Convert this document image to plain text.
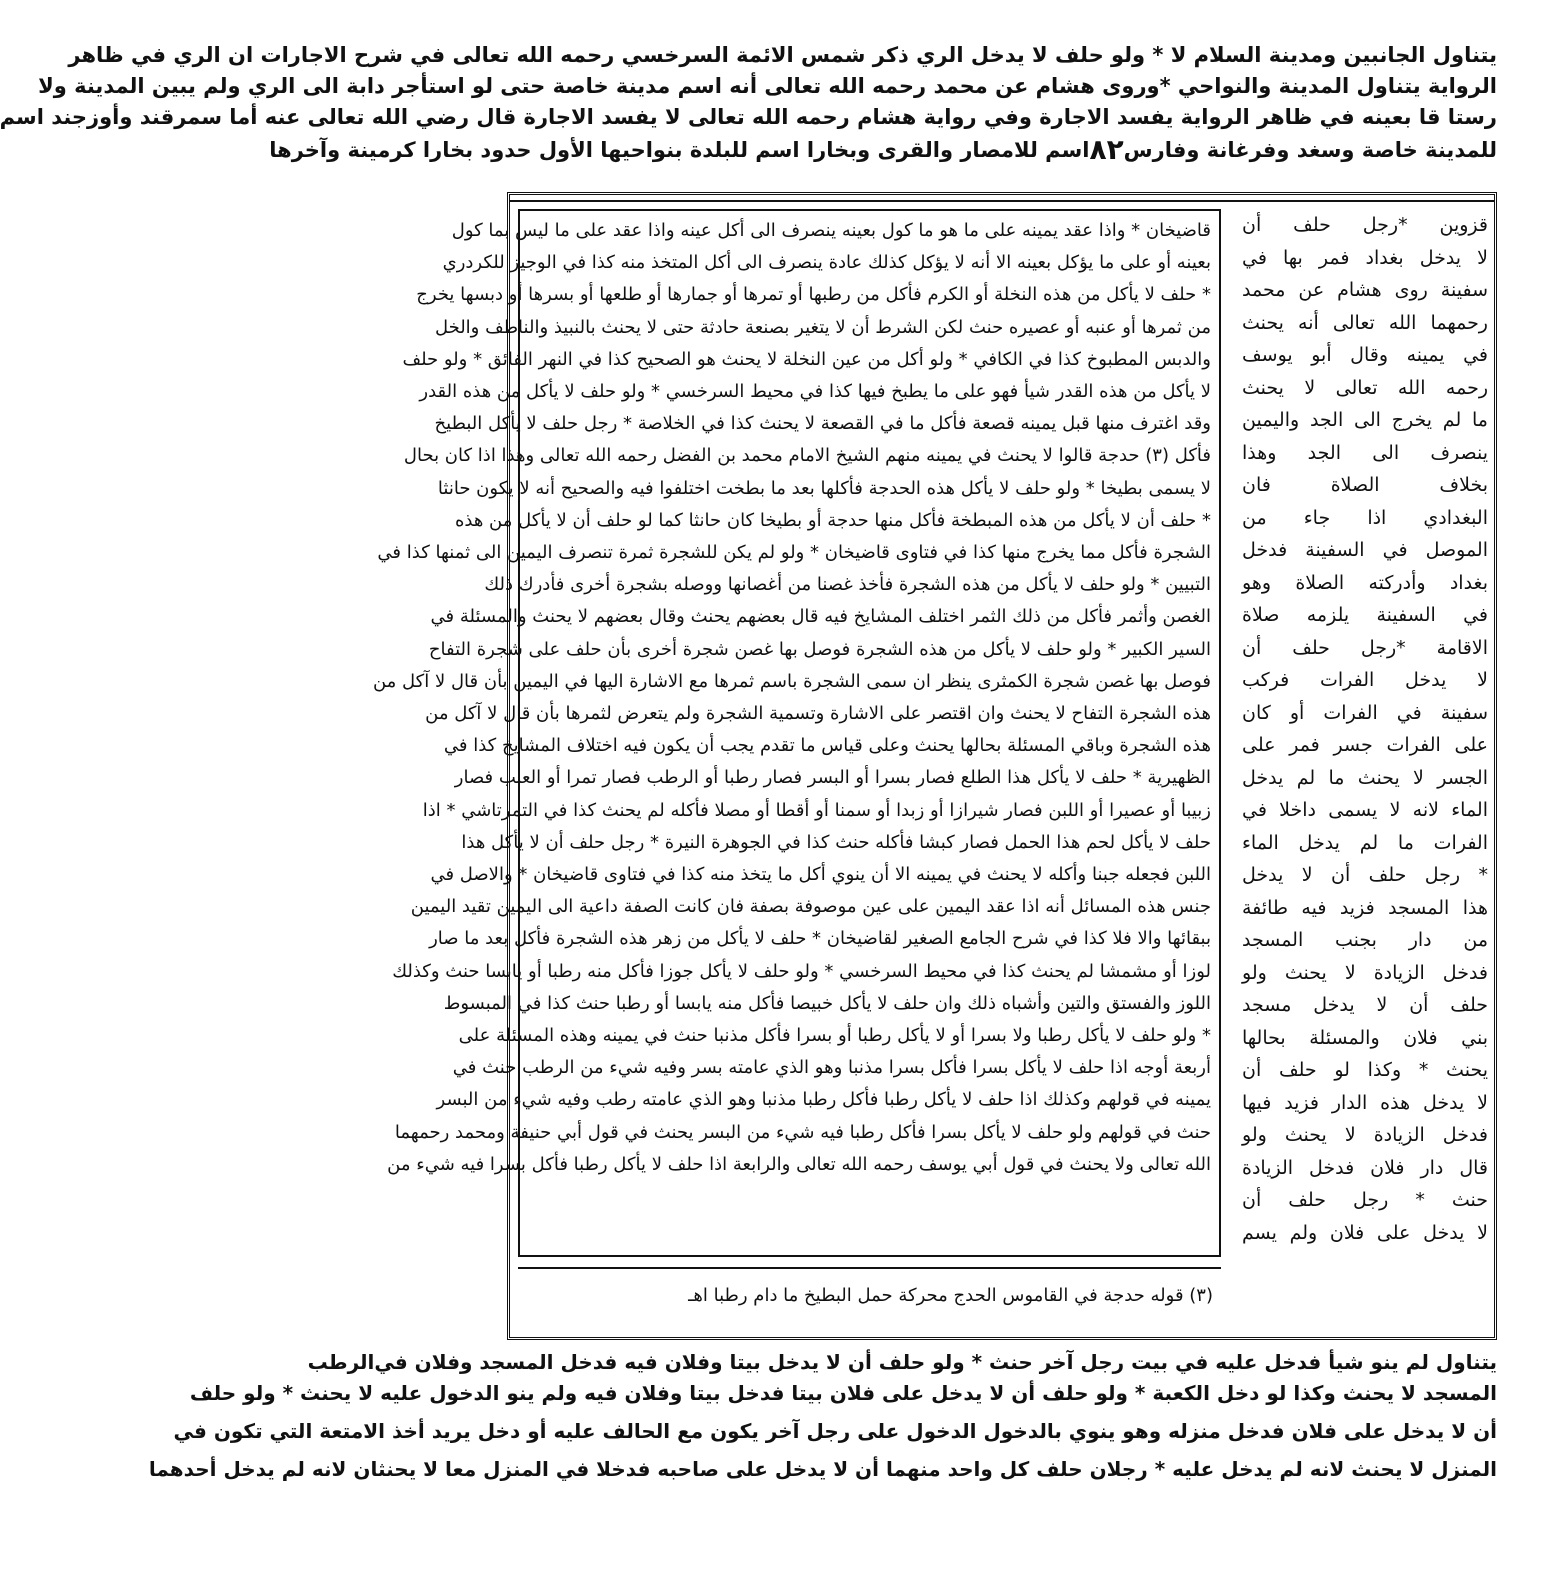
يتناول الجانبين ومدينة السلام لا * ولو حلف لا يدخل الري ذكر شمس الائمة السرخسي رحمه الله تعالى في شرح الاجارات ان الري في ظاهر

الرواية يتناول المدينة والنواحي *وروى هشام عن محمد رحمه الله تعالى أنه اسم مدينة خاصة حتى لو استأجر دابة الى الري ولم يبين المدينة ولا

رستا قا بعينه في ظاهر الرواية يفسد الاجارة وفي رواية هشام رحمه الله تعالى لا يفسد الاجارة قال رضي الله تعالى عنه أما سمرقند وأوزجند اسم

للمدينة خاصة وسغد وفرغانة وفارس
٨٢
اسم للامصار والقرى وبخارا اسم للبلدة بنواحيها الأول حدود بخارا كرمينة وآخرها

قزوين *رجل حلف أن

لا يدخل بغداد فمر بها في

سفينة روى هشام عن محمد

رحمهما الله تعالى أنه يحنث

في يمينه وقال أبو يوسف

رحمه الله تعالى لا يحنث

ما لم يخرج الى الجد واليمين

ينصرف الى الجد وهذا

بخلاف الصلاة فان

البغدادي اذا جاء من

الموصل في السفينة فدخل

بغداد وأدركته الصلاة وهو

في السفينة يلزمه صلاة

الاقامة *رجل حلف أن

لا يدخل الفرات فركب

سفينة في الفرات أو كان

على الفرات جسر فمر على

الجسر لا يحنث ما لم يدخل

الماء لانه لا يسمى داخلا في

الفرات ما لم يدخل الماء

* رجل حلف أن لا يدخل

هذا المسجد فزيد فيه طائفة

من دار بجنب المسجد

فدخل الزيادة لا يحنث ولو

حلف أن لا يدخل مسجد

بني فلان والمسئلة بحالها

يحنث * وكذا لو حلف أن

لا يدخل هذه الدار فزيد فيها

فدخل الزيادة لا يحنث ولو

قال دار فلان فدخل الزيادة

حنث * رجل حلف أن

لا يدخل على فلان ولم يسم

قاضيخان * واذا عقد يمينه على ما هو ما كول بعينه ينصرف الى أكل عينه واذا عقد على ما ليس بما كول

بعينه أو على ما يؤكل بعينه الا أنه لا يؤكل كذلك عادة ينصرف الى أكل المتخذ منه كذا في الوجيز للكردري

* حلف لا يأكل من هذه النخلة أو الكرم فأكل من رطبها أو تمرها أو جمارها أو طلعها أو بسرها أو دبسها يخرج

من ثمرها أو عنبه أو عصيره حنث لكن الشرط أن لا يتغير بصنعة حادثة حتى لا يحنث بالنبيذ والناطف والخل

والدبس المطبوخ كذا في الكافي * ولو أكل من عين النخلة لا يحنث هو الصحيح كذا في النهر الفائق * ولو حلف

لا يأكل من هذه القدر شيأ فهو على ما يطبخ فيها كذا في محيط السرخسي * ولو حلف لا يأكل من هذه القدر

وقد اغترف منها قبل يمينه قصعة فأكل ما في القصعة لا يحنث كذا في الخلاصة * رجل حلف لا يأكل البطيخ

فأكل (٣) حدجة قالوا لا يحنث في يمينه منهم الشيخ الامام محمد بن الفضل رحمه الله تعالى وهذا اذا كان بحال

لا يسمى بطيخا * ولو حلف لا يأكل هذه الحدجة فأكلها بعد ما بطخت اختلفوا فيه والصحيح أنه لا يكون حانثا

* حلف أن لا يأكل من هذه المبطخة فأكل منها حدجة أو بطيخا كان حانثا كما لو حلف أن لا يأكل من هذه

الشجرة فأكل مما يخرج منها كذا في فتاوى قاضيخان * ولو لم يكن للشجرة ثمرة تنصرف اليمين الى ثمنها كذا في

التبيين * ولو حلف لا يأكل من هذه الشجرة فأخذ غصنا من أغصانها ووصله بشجرة أخرى فأدرك ذلك

الغصن وأثمر فأكل من ذلك الثمر اختلف المشايخ فيه قال بعضهم يحنث وقال بعضهم لا يحنث والمسئلة في

السير الكبير * ولو حلف لا يأكل من هذه الشجرة فوصل بها غصن شجرة أخرى بأن حلف على شجرة التفاح

فوصل بها غصن شجرة الكمثرى ينظر ان سمى الشجرة باسم ثمرها مع الاشارة اليها في اليمين بأن قال لا آكل من

هذه الشجرة التفاح لا يحنث وان اقتصر على الاشارة وتسمية الشجرة ولم يتعرض لثمرها بأن قال لا آكل من

هذه الشجرة وباقي المسئلة بحالها يحنث وعلى قياس ما تقدم يجب أن يكون فيه اختلاف المشايخ كذا في

الظهيرية * حلف لا يأكل هذا الطلع فصار بسرا أو البسر فصار رطبا أو الرطب فصار تمرا أو العنب فصار

زبيبا أو عصيرا أو اللبن فصار شيرازا أو زبدا أو سمنا أو أقطا أو مصلا فأكله لم يحنث كذا في التمرتاشي * اذا

حلف لا يأكل لحم هذا الحمل فصار كبشا فأكله حنث كذا في الجوهرة النيرة * رجل حلف أن لا يأكل هذا

اللبن فجعله جبنا وأكله لا يحنث في يمينه الا أن ينوي أكل ما يتخذ منه كذا في فتاوى قاضيخان * والاصل في

جنس هذه المسائل أنه اذا عقد اليمين على عين موصوفة بصفة فان كانت الصفة داعية الى اليمين تقيد اليمين

ببقائها والا فلا كذا في شرح الجامع الصغير لقاضيخان * حلف لا يأكل من زهر هذه الشجرة فأكل بعد ما صار

لوزا أو مشمشا لم يحنث كذا في محيط السرخسي * ولو حلف لا يأكل جوزا فأكل منه رطبا أو يابسا حنث وكذلك

اللوز والفستق والتين وأشباه ذلك وان حلف لا يأكل خبيصا فأكل منه يابسا أو رطبا حنث كذا في المبسوط

* ولو حلف لا يأكل رطبا ولا بسرا أو لا يأكل رطبا أو بسرا فأكل مذنبا حنث في يمينه وهذه المسئلة على

أربعة أوجه اذا حلف لا يأكل بسرا فأكل بسرا مذنبا وهو الذي عامته بسر وفيه شيء من الرطب حنث في

يمينه في قولهم وكذلك اذا حلف لا يأكل رطبا فأكل رطبا مذنبا وهو الذي عامته رطب وفيه شيء من البسر

حنث في قولهم ولو حلف لا يأكل بسرا فأكل رطبا فيه شيء من البسر يحنث في قول أبي حنيفة ومحمد رحمهما

الله تعالى ولا يحنث في قول أبي يوسف رحمه الله تعالى والرابعة اذا حلف لا يأكل رطبا فأكل بسرا فيه شيء من

(٣) قوله حدجة في القاموس الحدج محركة حمل البطيخ ما دام رطبا اهـ

يتناول لم ينو شيأ فدخل عليه في بيت رجل آخر حنث * ولو حلف أن لا يدخل بيتا وفلان فيه فدخل المسجد وفلان في
الرطب

المسجد لا يحنث وكذا لو دخل الكعبة * ولو حلف أن لا يدخل على فلان بيتا فدخل بيتا وفلان فيه ولم ينو الدخول عليه لا يحنث * ولو حلف

أن لا يدخل على فلان فدخل منزله وهو ينوي بالدخول الدخول على رجل آخر يكون مع الحالف عليه أو دخل يريد أخذ الامتعة التي تكون في

المنزل لا يحنث لانه لم يدخل عليه * رجلان حلف كل واحد منهما أن لا يدخل على صاحبه فدخلا في المنزل معا لا يحنثان لانه لم يدخل أحدهما
